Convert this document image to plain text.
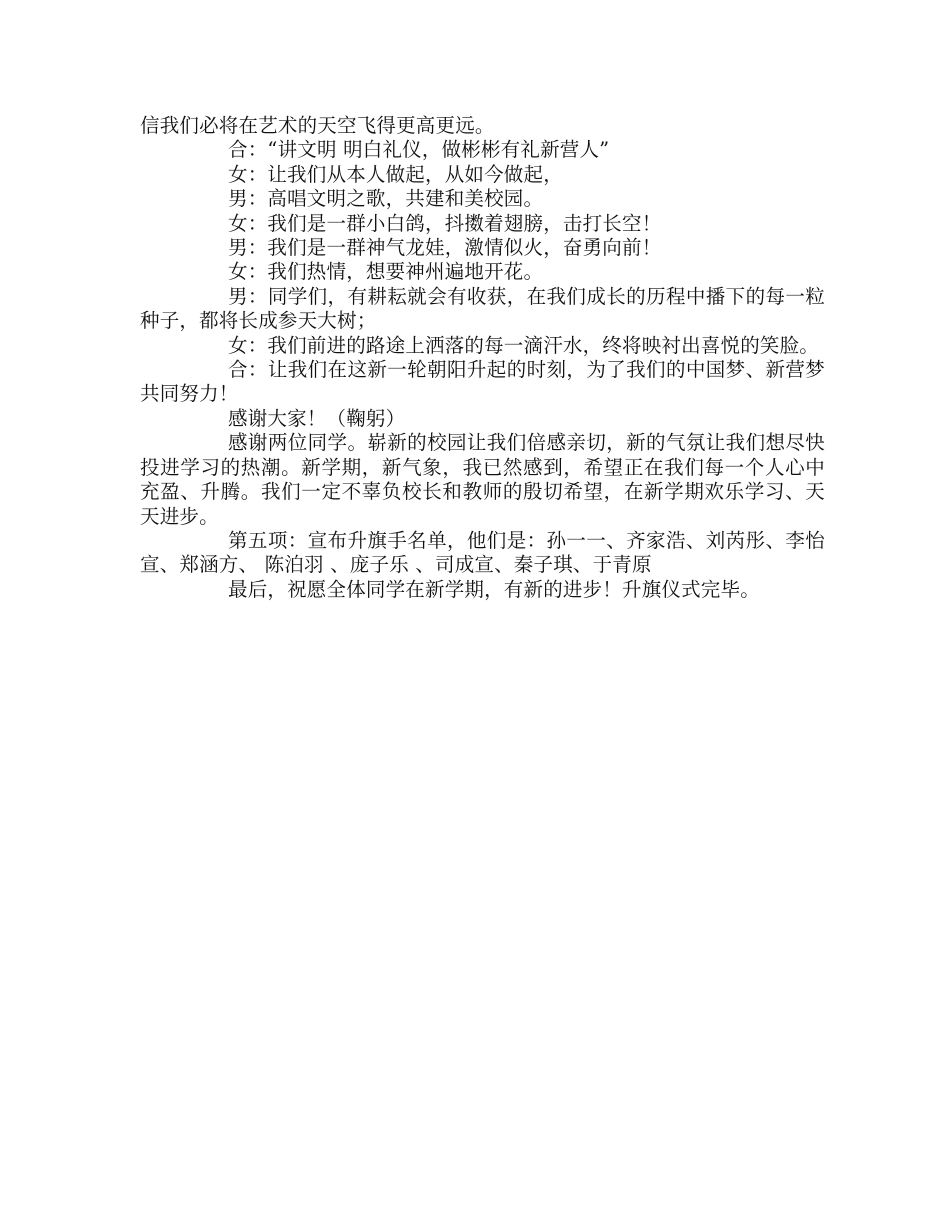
信我们必将在艺术的天空飞得更高更远。

合：“讲文明 明白礼仪，做彬彬有礼新营人”

女：让我们从本人做起，从如今做起，

男：高唱文明之歌，共建和美校园。

女：我们是一群小白鸽，抖擞着翅膀，击打长空！

男：我们是一群神气龙娃，激情似火，奋勇向前！

女：我们热情，想要神州遍地开花。

男：同学们，有耕耘就会有收获，在我们成长的历程中播下的每一粒种子，都将长成参天大树；

女：我们前进的路途上洒落的每一滴汗水，终将映衬出喜悦的笑脸。

合：让我们在这新一轮朝阳升起的时刻，为了我们的中国梦、新营梦共同努力！

感谢大家！（鞠躬）

感谢两位同学。崭新的校园让我们倍感亲切，新的气氛让我们想尽快投进学习的热潮。新学期，新气象，我已然感到，希望正在我们每一个人心中充盈、升腾。我们一定不辜负校长和教师的殷切希望，在新学期欢乐学习、天天进步。

第五项：宣布升旗手名单，他们是：孙一一、齐家浩、刘芮彤、李怡宣、郑涵方、 陈泊羽 、庞子乐 、司成宣、秦子琪、于青原

最后，祝愿全体同学在新学期，有新的进步！升旗仪式完毕。
